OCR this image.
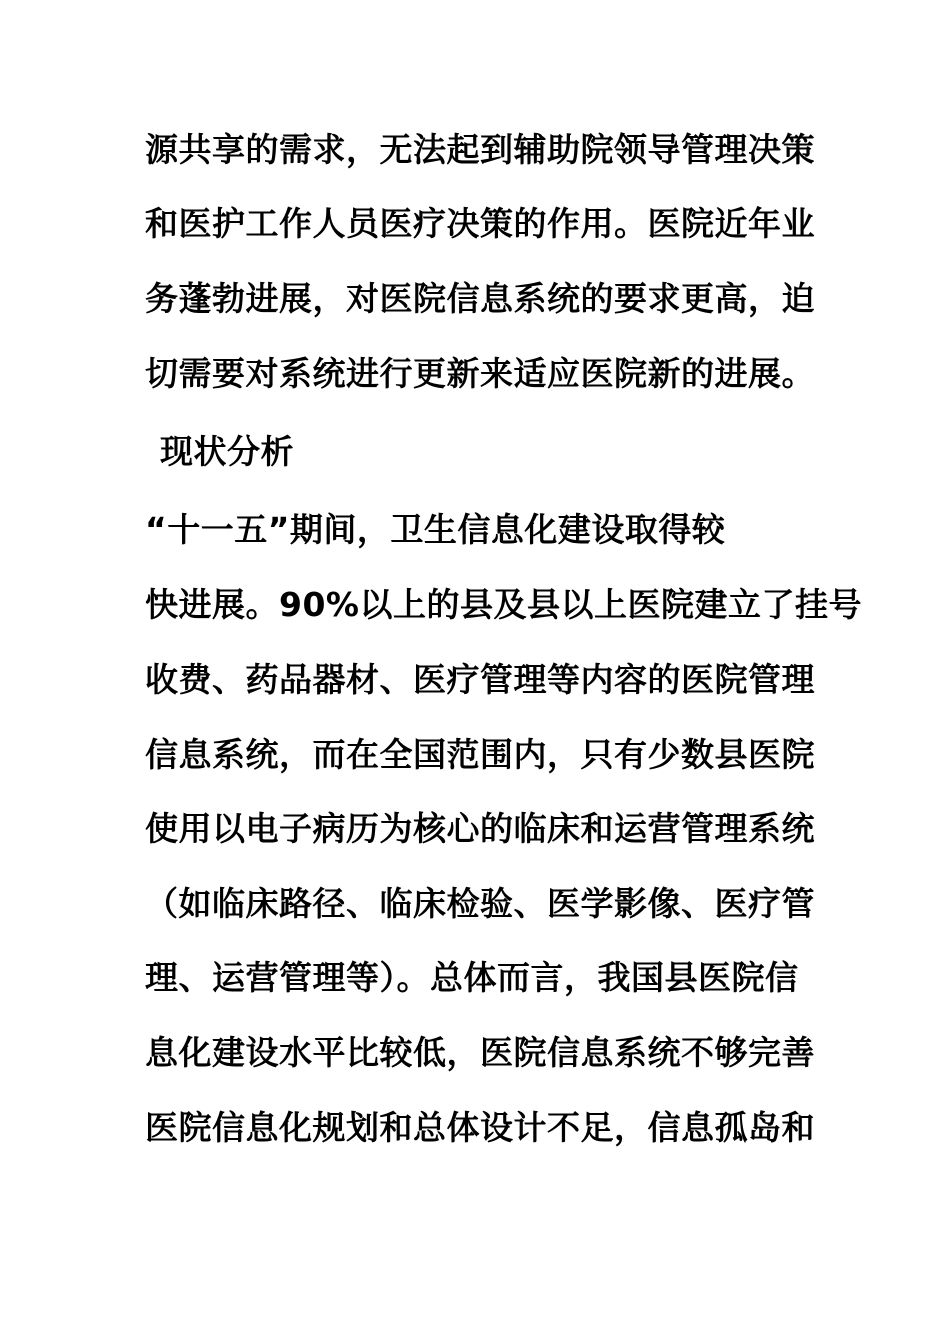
源共享的需求，无法起到辅助院领导管理决策
和医护工作人员医疗决策的作用。医院近年业
务蓬勃进展，对医院信息系统的要求更高，迫
切需要对系统进行更新来适应医院新的进展。
现状分析
“十一五”期间，卫生信息化建设取得较
快进展。90%以上的县及县以上医院建立了挂号
收费、药品器材、医疗管理等内容的医院管理
信息系统，而在全国范围内，只有少数县医院
使用以电子病历为核心的临床和运营管理系统
（如临床路径、临床检验、医学影像、医疗管
理、运营管理等）。总体而言，我国县医院信
息化建设水平比较低，医院信息系统不够完善
医院信息化规划和总体设计不足，信息孤岛和
